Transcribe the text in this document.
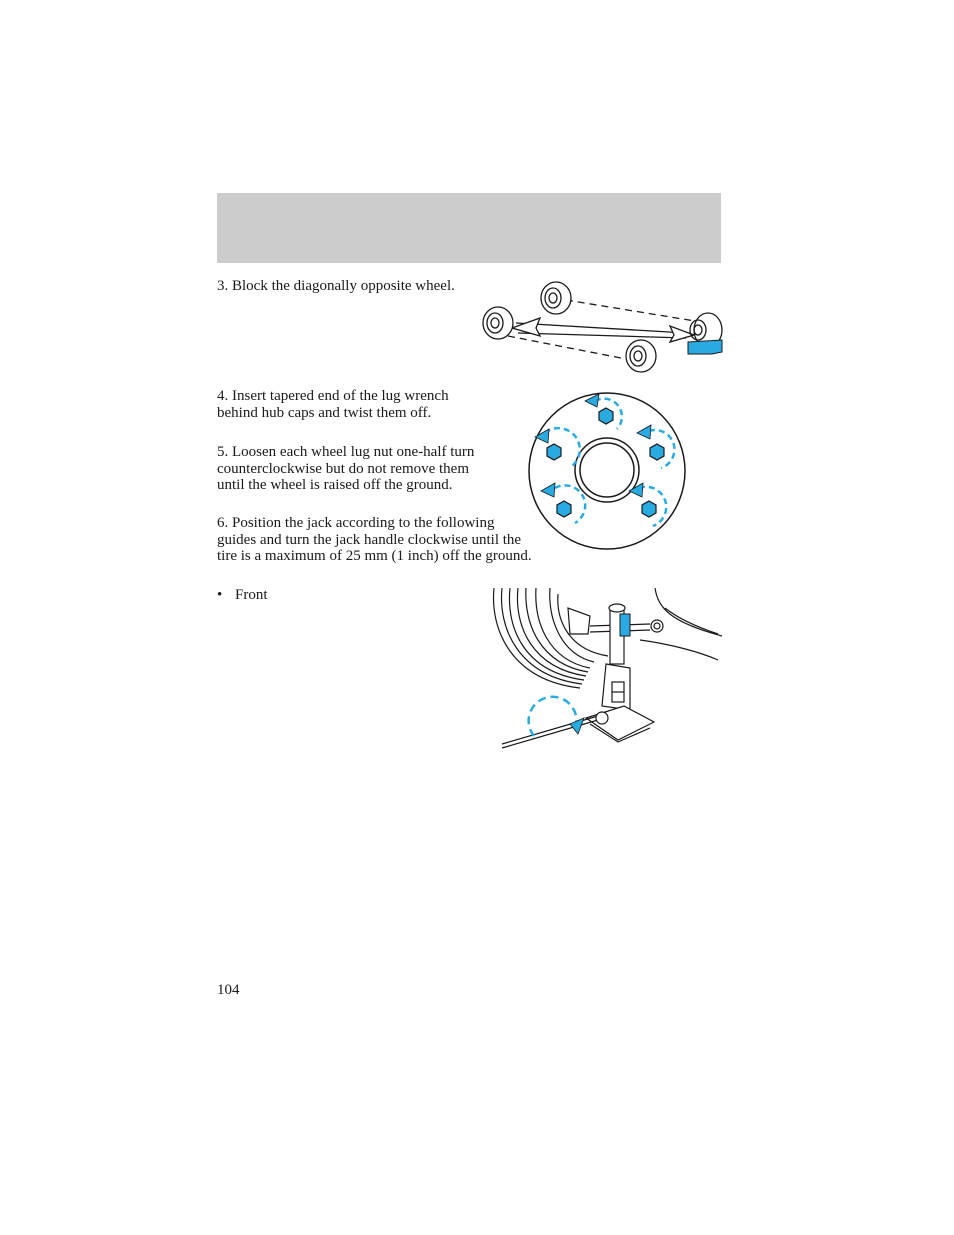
3. Block the diagonally opposite wheel.

4. Insert tapered end of the lug wrench behind hub caps and twist them off.

5. Loosen each wheel lug nut one-half turn counterclockwise but do not remove them until the wheel is raised off the ground.

6. Position the jack according to the following guides and turn the jack handle clockwise until the tire is a maximum of 25 mm (1 inch) off the ground.

• Front
104
